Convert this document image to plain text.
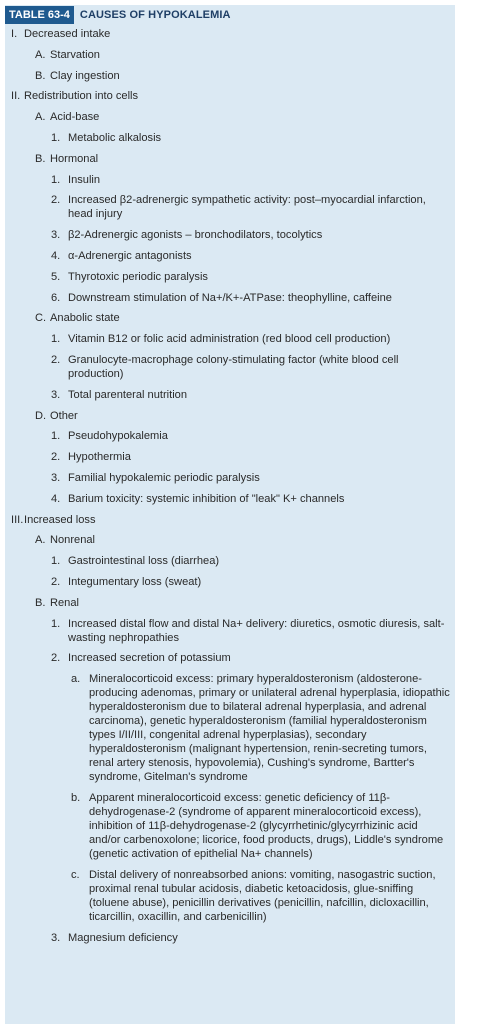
TABLE 63-4 CAUSES OF HYPOKALEMIA
I. Decreased intake
A. Starvation
B. Clay ingestion
II. Redistribution into cells
A. Acid-base
1. Metabolic alkalosis
B. Hormonal
1. Insulin
2. Increased β2-adrenergic sympathetic activity: post–myocardial infarction, head injury
3. β2-Adrenergic agonists – bronchodilators, tocolytics
4. α-Adrenergic antagonists
5. Thyrotoxic periodic paralysis
6. Downstream stimulation of Na+/K+-ATPase: theophylline, caffeine
C. Anabolic state
1. Vitamin B12 or folic acid administration (red blood cell production)
2. Granulocyte-macrophage colony-stimulating factor (white blood cell production)
3. Total parenteral nutrition
D. Other
1. Pseudohypokalemia
2. Hypothermia
3. Familial hypokalemic periodic paralysis
4. Barium toxicity: systemic inhibition of "leak" K+ channels
III. Increased loss
A. Nonrenal
1. Gastrointestinal loss (diarrhea)
2. Integumentary loss (sweat)
B. Renal
1. Increased distal flow and distal Na+ delivery: diuretics, osmotic diuresis, salt-wasting nephropathies
2. Increased secretion of potassium
a. Mineralocorticoid excess: primary hyperaldosteronism (aldosterone-producing adenomas, primary or unilateral adrenal hyperplasia, idiopathic hyperaldosteronism due to bilateral adrenal hyperplasia, and adrenal carcinoma), genetic hyperaldosteronism (familial hyperaldosteronism types I/II/III, congenital adrenal hyperplasias), secondary hyperaldosteronism (malignant hypertension, renin-secreting tumors, renal artery stenosis, hypovolemia), Cushing's syndrome, Bartter's syndrome, Gitelman's syndrome
b. Apparent mineralocorticoid excess: genetic deficiency of 11β-dehydrogenase-2 (syndrome of apparent mineralocorticoid excess), inhibition of 11β-dehydrogenase-2 (glycyrrhetinic/glycyrrhizinic acid and/or carbenoxolone; licorice, food products, drugs), Liddle's syndrome (genetic activation of epithelial Na+ channels)
c. Distal delivery of nonreabsorbed anions: vomiting, nasogastric suction, proximal renal tubular acidosis, diabetic ketoacidosis, glue-sniffing (toluene abuse), penicillin derivatives (penicillin, nafcillin, dicloxacillin, ticarcillin, oxacillin, and carbenicillin)
3. Magnesium deficiency
